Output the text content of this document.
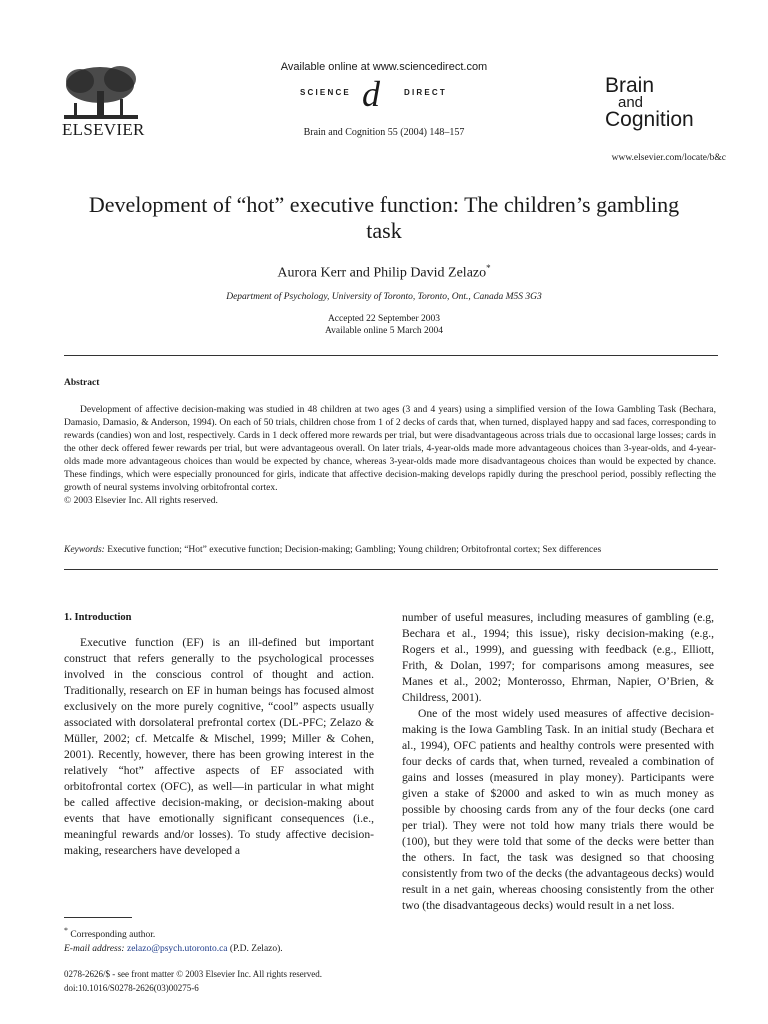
ELSEVIER
Available online at www.sciencedirect.com
SCIENCE d	DIRECT
Brain and Cognition 55 (2004) 148–157
Brain
and
Cognition
www.elsevier.com/locate/b&c
Development of “hot” executive function: The children’s gambling task
Aurora Kerr and Philip David Zelazo*
Department of Psychology, University of Toronto, Toronto, Ont., Canada M5S 3G3
Accepted 22 September 2003
Available online 5 March 2004
Abstract
Development of affective decision-making was studied in 48 children at two ages (3 and 4 years) using a simplified version of the Iowa Gambling Task (Bechara, Damasio, Damasio, & Anderson, 1994). On each of 50 trials, children chose from 1 of 2 decks of cards that, when turned, displayed happy and sad faces, corresponding to rewards (candies) won and lost, respectively. Cards in 1 deck offered more rewards per trial, but were disadvantageous across trials due to occasional large losses; cards in the other deck offered fewer rewards per trial, but were advantageous overall. On later trials, 4-year-olds made more advantageous choices than 3-year-olds, and 4-year-olds made more advantageous choices than would be expected by chance, whereas 3-year-olds made more disadvantageous choices than would be expected by chance. These findings, which were especially pronounced for girls, indicate that affective decision-making develops rapidly during the preschool period, possibly reflecting the growth of neural systems involving orbitofrontal cortex.
© 2003 Elsevier Inc. All rights reserved.
Keywords: Executive function; “Hot” executive function; Decision-making; Gambling; Young children; Orbitofrontal cortex; Sex differences
1. Introduction
Executive function (EF) is an ill-defined but important construct that refers generally to the psychological processes involved in the conscious control of thought and action. Traditionally, research on EF in human beings has focused almost exclusively on the more purely cognitive, “cool” aspects usually associated with dorsolateral prefrontal cortex (DL-PFC; Zelazo & Müller, 2002; cf. Metcalfe & Mischel, 1999; Miller & Cohen, 2001). Recently, however, there has been growing interest in the relatively “hot” affective aspects of EF associated with orbitofrontal cortex (OFC), as well—in particular in what might be called affective decision-making, or decision-making about events that have emotionally significant consequences (i.e., meaningful rewards and/or losses). To study affective decision-making, researchers have developed a

number of useful measures, including measures of gambling (e.g, Bechara et al., 1994; this issue), risky decision-making (e.g., Rogers et al., 1999), and guessing with feedback (e.g., Elliott, Frith, & Dolan, 1997; for comparisons among measures, see Manes et al., 2002; Monterosso, Ehrman, Napier, O’Brien, & Childress, 2001).

One of the most widely used measures of affective decision-making is the Iowa Gambling Task. In an initial study (Bechara et al., 1994), OFC patients and healthy controls were presented with four decks of cards that, when turned, revealed a combination of gains and losses (measured in play money). Participants were given a stake of $2000 and asked to win as much money as possible by choosing cards from any of the four decks (one card per trial). They were not told how many trials there would be (100), but they were told that some of the decks were better than the others. In fact, the task was designed so that choosing consistently from two of the decks (the advantageous decks) would result in a net gain, whereas choosing consistently from the other two (the disadvantageous decks) would result in a net loss.

* Corresponding author.
E-mail address: zelazo@psych.utoronto.ca (P.D. Zelazo).
0278-2626/$ - see front matter © 2003 Elsevier Inc. All rights reserved.
doi:10.1016/S0278-2626(03)00275-6
